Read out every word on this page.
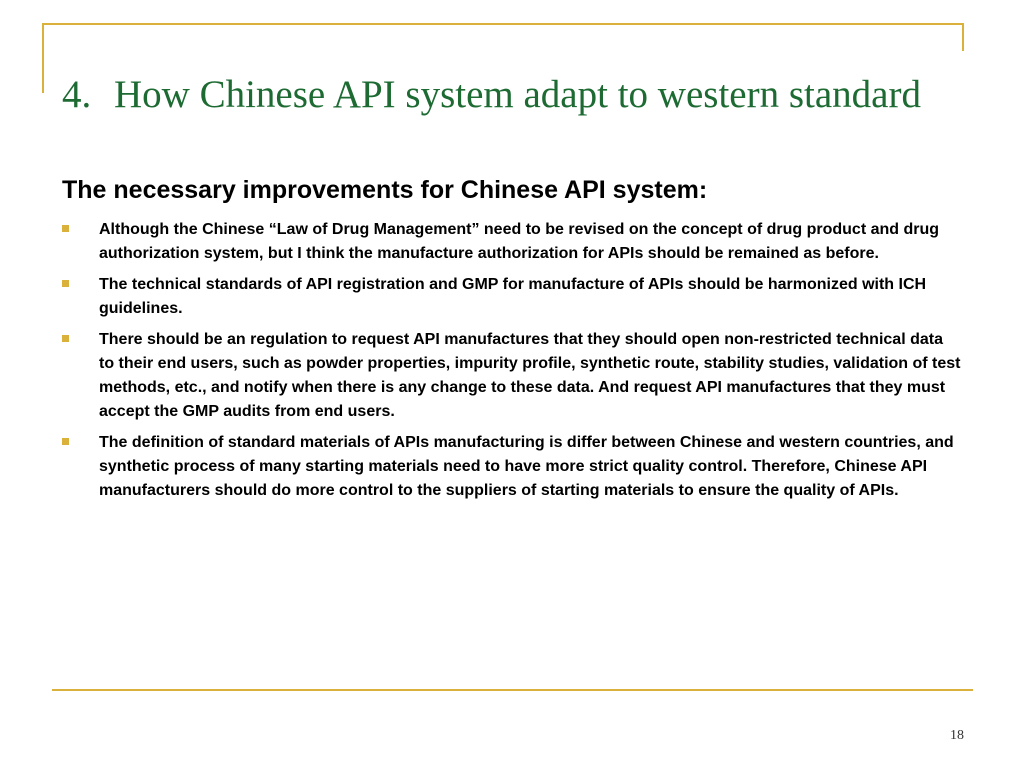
4. How Chinese API system adapt to western standard
The necessary improvements for Chinese API system:
Although the Chinese “Law of Drug Management” need to be revised on the concept of drug product and drug authorization system, but I think the manufacture authorization for APIs should be remained as before.
The technical standards of API registration and GMP for manufacture of APIs should be harmonized with ICH guidelines.
There should be an regulation to request API manufactures that they should open non-restricted technical data to their end users, such as powder properties, impurity profile, synthetic route, stability studies, validation of test methods, etc., and notify when there is any change to these data. And request API manufactures that they must accept the GMP audits from end users.
The definition of standard materials of APIs manufacturing is differ between Chinese and western countries, and synthetic process of many starting materials need to have more strict quality control. Therefore, Chinese API manufacturers should do more control to the suppliers of starting materials to ensure the quality of APIs.
18
